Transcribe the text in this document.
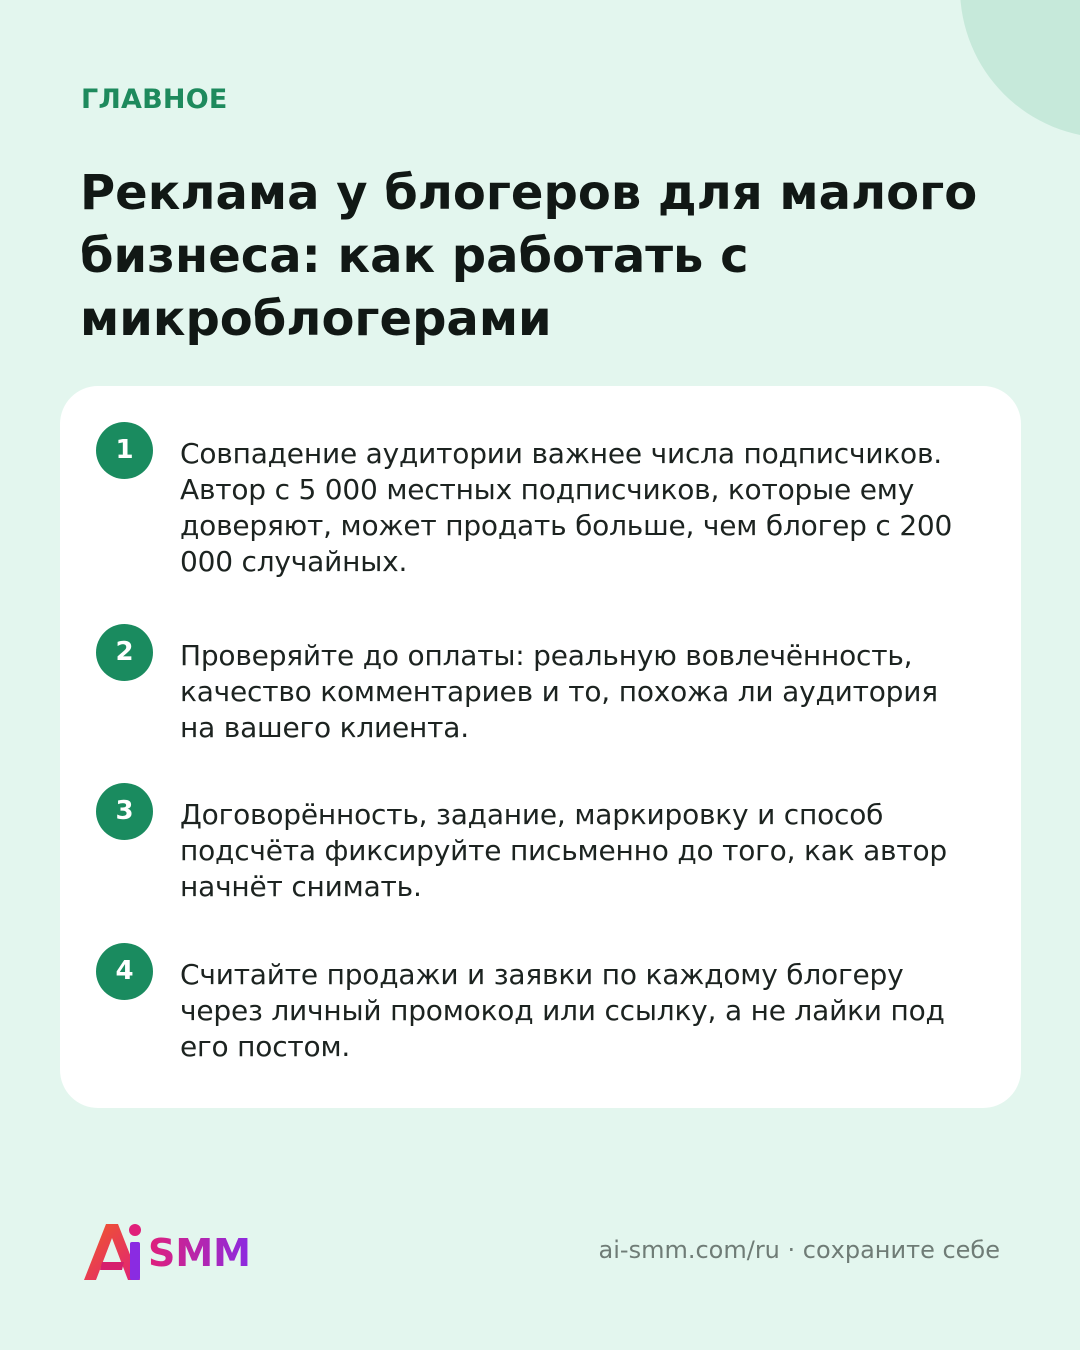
ГЛАВНОЕ
Реклама у блогеров для малого бизнеса: как работать с микроблогерами
1	Совпадение аудитории важнее числа подписчиков. Автор с 5 000 местных подписчиков, которые ему доверяют, может продать больше, чем блогер с 200 000 случайных.

2	Проверяйте до оплаты: реальную вовлечённость, качество комментариев и то, похожа ли аудитория на вашего клиента.

3	Договорённость, задание, маркировку и способ подсчёта фиксируйте письменно до того, как автор начнёт снимать.

4	Считайте продажи и заявки по каждому блогеру через личный промокод или ссылку, а не лайки под его постом.

SMM	ai-smm.com/ru · сохраните себе
